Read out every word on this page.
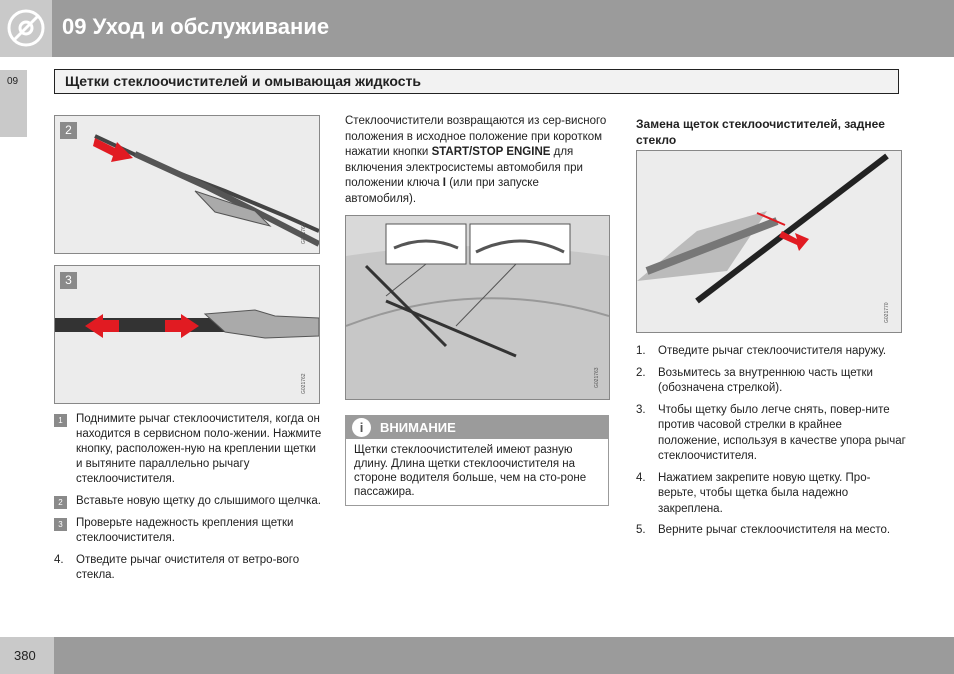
09 Уход и обслуживание
09	Щетки стеклоочистителей и омывающая жидкость
2
G021761
3
G021762
1	Поднимите рычаг стеклоочистителя, когда он находится в сервисном поло-жении. Нажмите кнопку, расположен-ную на креплении щетки и вытяните параллельно рычагу стеклоочистителя.
2	Вставьте новую щетку до слышимого щелчка.
3	Проверьте надежность крепления щетки стеклоочистителя.
4. Отведите рычаг очистителя от ветро-вого стекла.
Стеклоочистители возвращаются из сер-висного положения в исходное положение при коротком нажатии кнопки START/STOP ENGINE для включения электросистемы автомобиля при положении ключа I (или при запуске автомобиля).
G021763
i	ВНИМАНИЕ
Щетки стеклоочистителей имеют разную длину. Длина щетки стеклоочистителя на стороне водителя больше, чем на сто-роне пассажира.
Замена щеток стеклоочистителей, заднее стекло
G021770
1. Отведите рычаг стеклоочистителя наружу.
2. Возьмитесь за внутреннюю часть щетки (обозначена стрелкой).
3. Чтобы щетку было легче снять, повер-ните против часовой стрелки в крайнее положение, используя в качестве упора рычаг стеклоочистителя.
4. Нажатием закрепите новую щетку. Про-верьте, чтобы щетка была надежно закреплена.
5. Верните рычаг стеклоочистителя на место.
380
